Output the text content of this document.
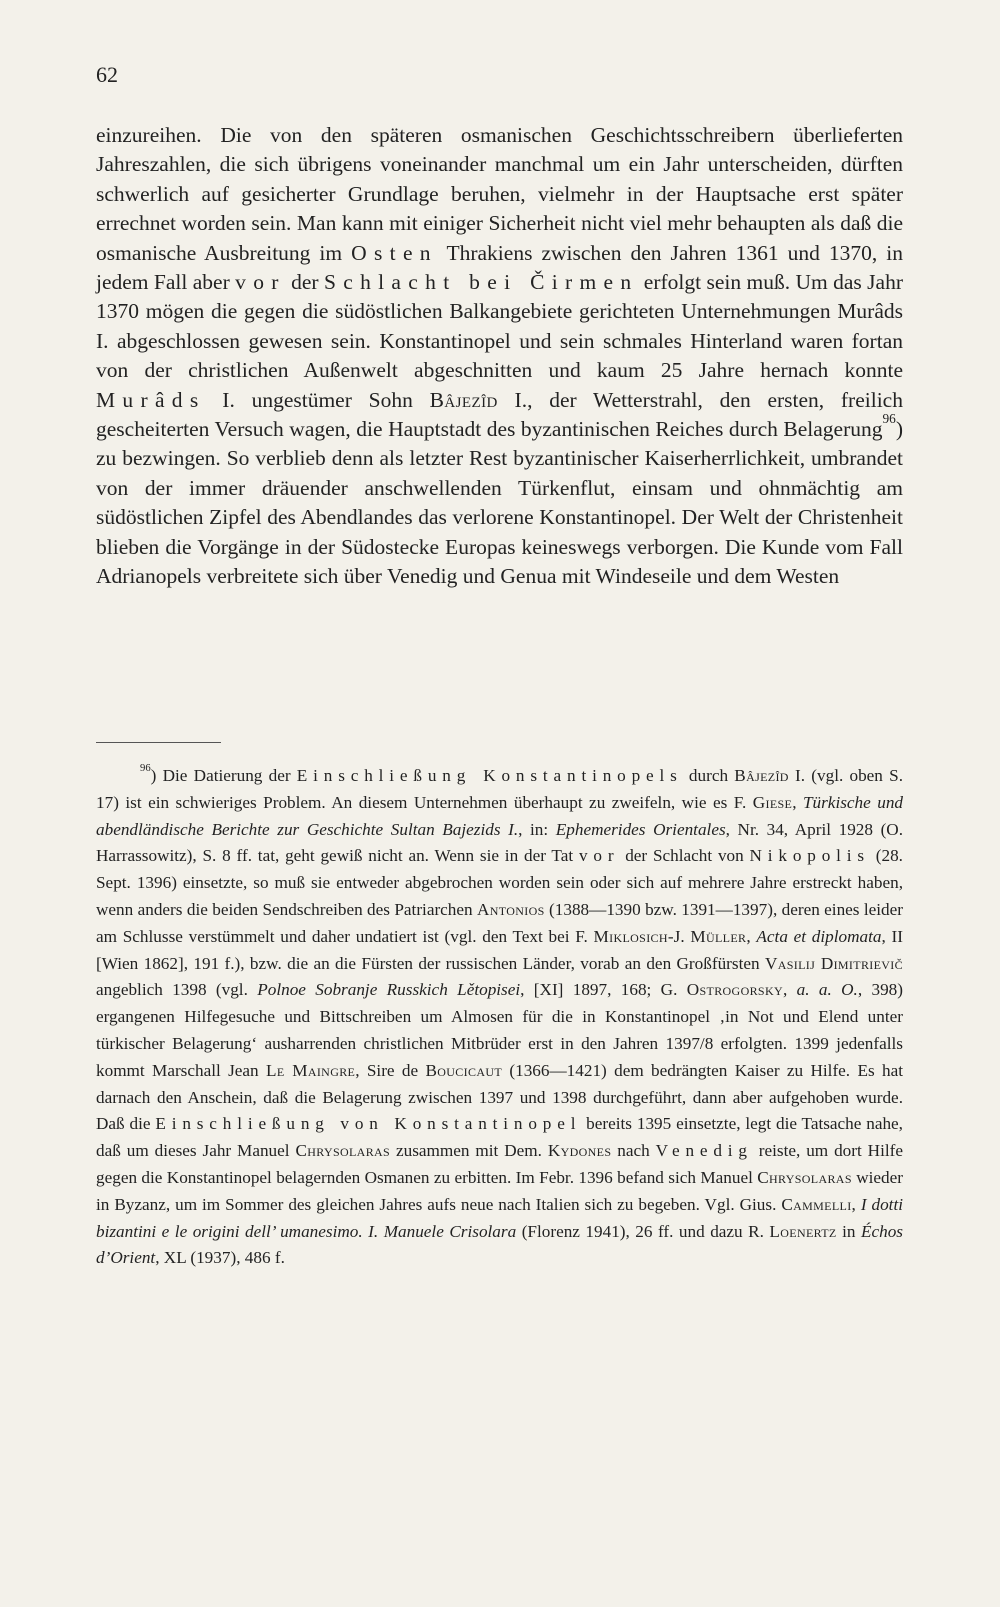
62

einzureihen. Die von den späteren osmanischen Geschichtsschreibern überlieferten Jahreszahlen, die sich übrigens voneinander manchmal um ein Jahr unterscheiden, dürften schwerlich auf gesicherter Grundlage beruhen, vielmehr in der Hauptsache erst später errechnet worden sein. Man kann mit einiger Sicherheit nicht viel mehr behaupten als daß die osmanische Ausbreitung im Osten Thrakiens zwischen den Jahren 1361 und 1370, in jedem Fall aber vor der Schlacht bei Čirmen erfolgt sein muß. Um das Jahr 1370 mögen die gegen die südöstlichen Balkangebiete gerichteten Unternehmungen Murâds I. abgeschlossen gewesen sein. Konstantinopel und sein schmales Hinterland waren fortan von der christlichen Außenwelt abgeschnitten und kaum 25 Jahre hernach konnte Murâds I. ungestümer Sohn Bâjezîd I., der Wetterstrahl, den ersten, freilich gescheiterten Versuch wagen, die Hauptstadt des byzantinischen Reiches durch Belagerung$^{96}$) zu bezwingen. So verblieb denn als letzter Rest byzantinischer Kaiserherrlichkeit, umbrandet von der immer dräuender anschwellenden Türkenflut, einsam und ohnmächtig am südöstlichen Zipfel des Abendlandes das verlorene Konstantinopel. Der Welt der Christenheit blieben die Vorgänge in der Südostecke Europas keineswegs verborgen. Die Kunde vom Fall Adrianopels verbreitete sich über Venedig und Genua mit Windeseile und dem Westen

$^{96}$) Die Datierung der Einschließung Konstantinopels durch Bâjezîd I. (vgl. oben S. 17) ist ein schwieriges Problem. An diesem Unternehmen überhaupt zu zweifeln, wie es F. Giese, Türkische und abendländische Berichte zur Geschichte Sultan Bajezids I., in: Ephemerides Orientales, Nr. 34, April 1928 (O. Harrassowitz), S. 8 ff. tat, geht gewiß nicht an. Wenn sie in der Tat vor der Schlacht von Nikopolis (28. Sept. 1396) einsetzte, so muß sie entweder abgebrochen worden sein oder sich auf mehrere Jahre erstreckt haben, wenn anders die beiden Sendschreiben des Patriarchen Antonios (1388—1390 bzw. 1391—1397), deren eines leider am Schlusse verstümmelt und daher undatiert ist (vgl. den Text bei F. Miklosich-J. Müller, Acta et diplomata, II [Wien 1862], 191 f.), bzw. die an die Fürsten der russischen Länder, vorab an den Großfürsten Vasilij Dimitrievič angeblich 1398 (vgl. Polnoe Sobranje Russkich Lětopisei, [XI] 1897, 168; G. Ostrogorsky, a. a. O., 398) ergangenen Hilfegesuche und Bittschreiben um Almosen für die in Konstantinopel ‚in Not und Elend unter türkischer Belagerung‘ ausharrenden christlichen Mitbrüder erst in den Jahren 1397/8 erfolgten. 1399 jedenfalls kommt Marschall Jean Le Maingre, Sire de Boucicaut (1366—1421) dem bedrängten Kaiser zu Hilfe. Es hat darnach den Anschein, daß die Belagerung zwischen 1397 und 1398 durchgeführt, dann aber aufgehoben wurde. Daß die Einschließung von Konstantinopel bereits 1395 einsetzte, legt die Tatsache nahe, daß um dieses Jahr Manuel Chrysolaras zusammen mit Dem. Kydones nach Venedig reiste, um dort Hilfe gegen die Konstantinopel belagernden Osmanen zu erbitten. Im Febr. 1396 befand sich Manuel Chrysolaras wieder in Byzanz, um im Sommer des gleichen Jahres aufs neue nach Italien sich zu begeben. Vgl. Gius. Cammelli, I dotti bizantini e le origini dell’ umanesimo. I. Manuele Crisolara (Florenz 1941), 26 ff. und dazu R. Loenertz in Échos d’Orient, XL (1937), 486 f.
